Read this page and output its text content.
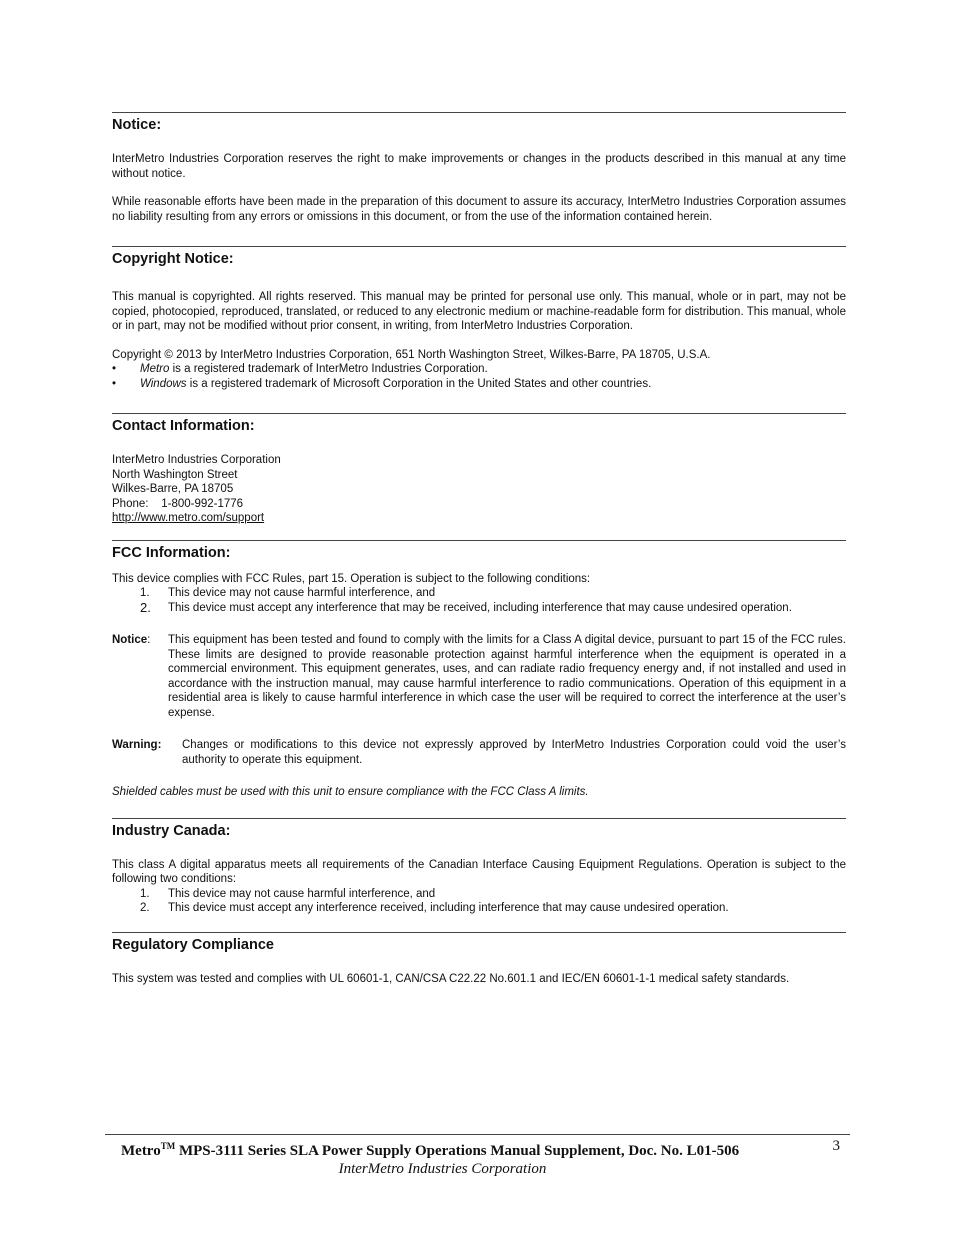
Notice:

InterMetro Industries Corporation reserves the right to make improvements or changes in the products described in this manual at any time without notice.

While reasonable efforts have been made in the preparation of this document to assure its accuracy, InterMetro Industries Corporation assumes no liability resulting from any errors or omissions in this document, or from the use of the information contained herein.

Copyright Notice:

This manual is copyrighted. All rights reserved. This manual may be printed for personal use only. This manual, whole or in part, may not be copied, photocopied, reproduced, translated, or reduced to any electronic medium or machine-readable form for distribution. This manual, whole or in part, may not be modified without prior consent, in writing, from InterMetro Industries Corporation.

Copyright © 2013 by InterMetro Industries Corporation, 651 North Washington Street, Wilkes-Barre, PA 18705, U.S.A.

• Metro is a registered trademark of InterMetro Industries Corporation.
• Windows is a registered trademark of Microsoft Corporation in the United States and other countries.
Contact Information:

InterMetro Industries Corporation

North Washington Street

Wilkes-Barre, PA 18705

Phone: 1-800-992-1776

http://www.metro.com/support

FCC Information:

This device complies with FCC Rules, part 15. Operation is subject to the following conditions:

1.	This device may not cause harmful interference, and
2.	This device must accept any interference that may be received, including interference that may cause undesired operation.
Notice:	This equipment has been tested and found to comply with the limits for a Class A digital device, pursuant to part 15 of the FCC rules. These limits are designed to provide reasonable protection against harmful interference when the equipment is operated in a commercial environment. This equipment generates, uses, and can radiate radio frequency energy and, if not installed and used in accordance with the instruction manual, may cause harmful interference to radio communications. Operation of this equipment in a residential area is likely to cause harmful interference in which case the user will be required to correct the interference at the user’s expense.
Warning:	Changes or modifications to this device not expressly approved by InterMetro Industries Corporation could void the user’s authority to operate this equipment.

Shielded cables must be used with this unit to ensure compliance with the FCC Class A limits.

Industry Canada:

This class A digital apparatus meets all requirements of the Canadian Interface Causing Equipment Regulations. Operation is subject to the following two conditions:

1.	This device may not cause harmful interference, and
2.	This device must accept any interference received, including interference that may cause undesired operation.
Regulatory Compliance

This system was tested and complies with UL 60601-1, CAN/CSA C22.22 No.601.1 and IEC/EN 60601-1-1 medical safety standards.

Metro™ MPS-3111 Series SLA Power Supply Operations Manual Supplement, Doc. No. L01-506	3
InterMetro Industries Corporation
